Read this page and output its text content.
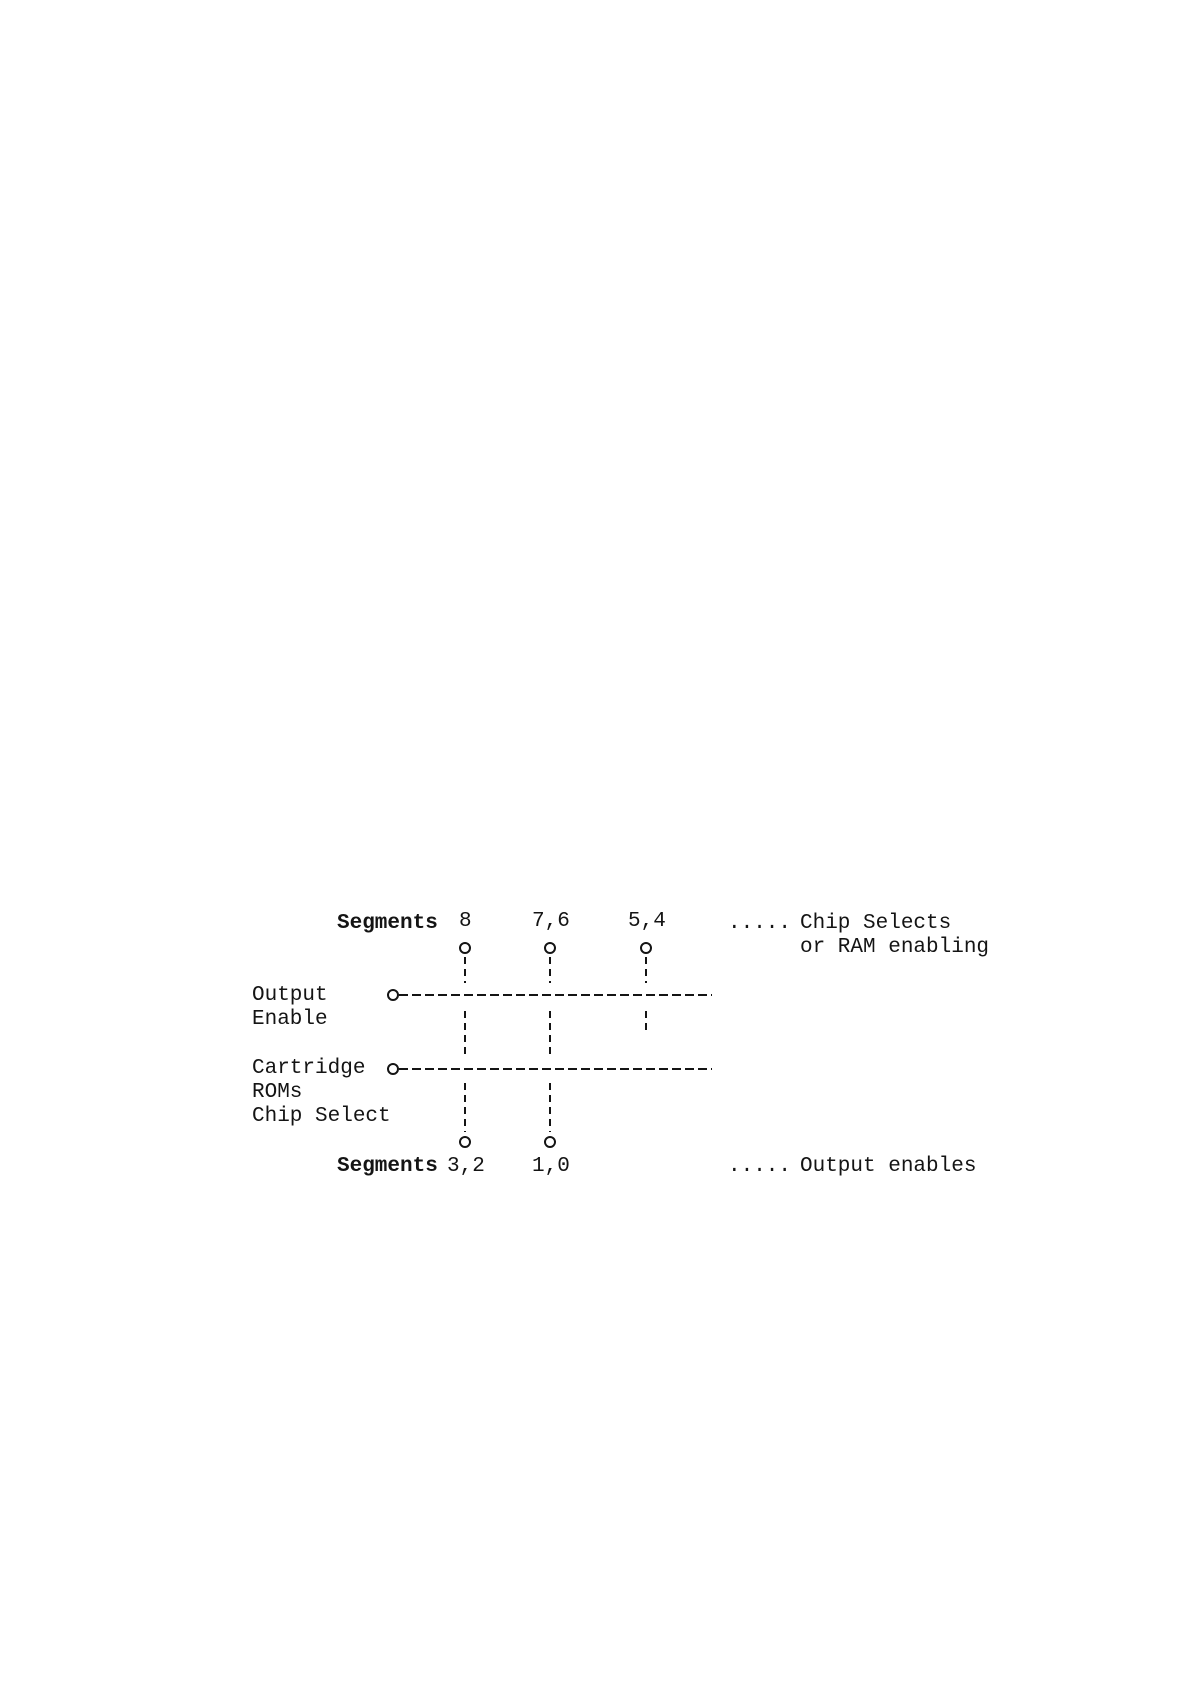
Segments 8	7,6	5,4	..... Chip Selects
or RAM enabling
Output
Enable
Cartridge
ROMs
Chip Select
Segments 3,2 1,0	..... Output enables
